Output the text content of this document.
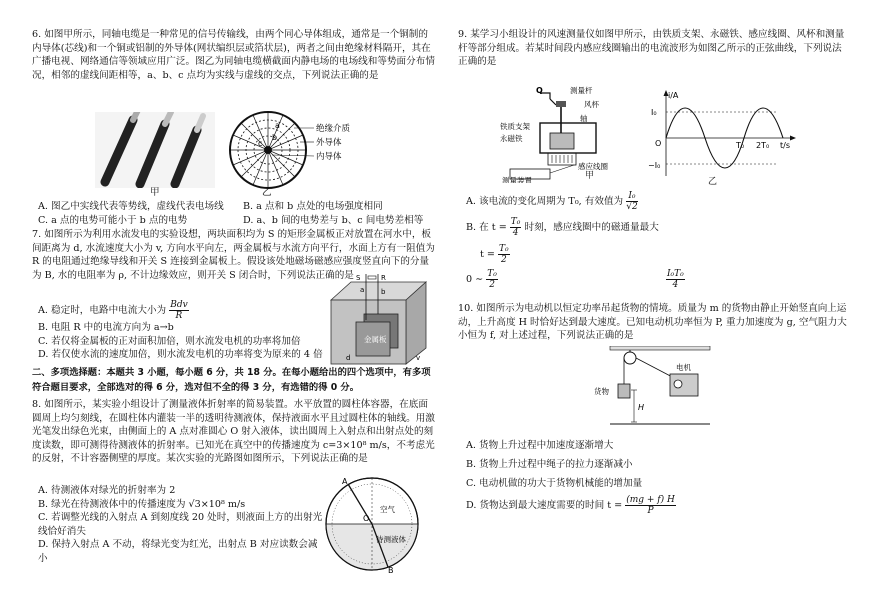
6. 如图甲所示，同轴电缆是一种常见的信号传输线，由两个同心导体组成，通常是一个铜制的内导体(芯线)和一个铜或铝制的外导体(网状编织层或箔状层)，两者之间由绝缘材料隔开，其在广播电视、网络通信等领域应用广泛。图乙为同轴电缆横截面内静电场的电场线和等势面分布情况，相邻的虚线间距相等，a、b、c 点均为实线与虚线的交点，下列说法正确的是

甲
a
b
c
绝缘介质
外导体
内导体
乙
A. 图乙中实线代表等势线，虚线代表电场线	B. a 点和 b 点处的电场强度相同
C. a 点的电势可能小于 b 点的电势	D. a、b 间的电势差与 b、c 间电势差相等

7. 如图所示为利用水流发电的实验设想，两块面积均为 S 的矩形金属板正对放置在河水中，板间距离为 d, 水流速度大小为 v, 方向水平向左，两金属板与水流方向平行，水面上方有一阻值为 R 的电阻通过绝缘导线和开关 S 连接到金属板上。假设该处地磁场磁感应强度竖直向下的分量为 B, 水的电阻率为 ρ, 不计边缘效应，则开关 S 闭合时，下列说法正确的是

A. 稳定时，电路中电流大小为 $\frac{\text{Bdv}}{R}$

B. 电阻 R 中的电流方向为 a→b

C. 若仅将金属板的正对面积加倍，则水流发电机的功率将加倍

D. 若仅使水流的速度加倍，则水流发电机的功率将变为原来的 4 倍

金属板
S	R
a b
d	v
二、多项选择题：本题共 3 小题，每小题 6 分，共 18 分。在每小题给出的四个选项中，有多项符合题目要求，全部选对的得 6 分，选对但不全的得 3 分，有选错的得 0 分。
8. 如图所示，某实验小组设计了测量液体折射率的简易装置。水平放置的圆柱体容器，在底面圆周上均匀刻线，在圆柱体内灌装一半的透明待测液体，保持液面水平且过圆柱体的轴线。用激光笔发出绿色光束，由侧面上的 A 点对准圆心 O 射入液体，读出圆周上入射点和出射点处的刻度读数，即可测得待测液体的折射率。已知光在真空中的传播速度为 c=3×10⁸ m/s，不考虑光的反射，不计容器侧壁的厚度。某次实验的光路图如图所示，下列说法正确的是

A. 待测液体对绿光的折射率为 2

B. 绿光在待测液体中的传播速度为 √3×10⁸ m/s

C. 若调整光线的入射点 A 到刻度线 20 处时，则液面上方的出射光线恰好消失

D. 保持入射点 A 不动，将绿光变为红光，出射点 B 对应读数会减小

A
O
B
待测液体
空气

9. 某学习小组设计的风速测量仪如图甲所示，由铁质支架、永磁铁、感应线圈、风杯和测量杆等部分组成。若某时间段内感应线圈输出的电流波形为如图乙所示的正弦曲线，下列说法正确的是

Q	测量杆
风杯
轴
铁质支架
永磁铁
感应线圈
测量装置	甲
i/A
I₀
−I₀
O	T₀ 2T₀ t/s
乙

A. 该电流的变化周期为 T₀, 有效值为 $\frac{\text{I₀}}{√2}$

B. 在 $t = \frac{\text{T₀}}{4}$ 时刻，感应线圈中的磁通量最大

$t = \frac{\text{T₀}}{2}$

0 ∼ $\frac{\text{T₀}}{2}$	$\frac{\text{I₀T₀}}{4}$

10. 如图所示为电动机以恒定功率吊起货物的情境。质量为 m 的货物由静止开始竖直向上运动，上升高度 H 时恰好达到最大速度。已知电动机功率恒为 P, 重力加速度为 g, 空气阻力大小恒为 f, 对上述过程，下列说法正确的是
货物
H
电机

A. 货物上升过程中加速度逐渐增大

B. 货物上升过程中绳子的拉力逐渐减小

C. 电动机做的功大于货物机械能的增加量

D. 货物达到最大速度需要的时间 $t = \frac{(mg + f) H}{P}$
